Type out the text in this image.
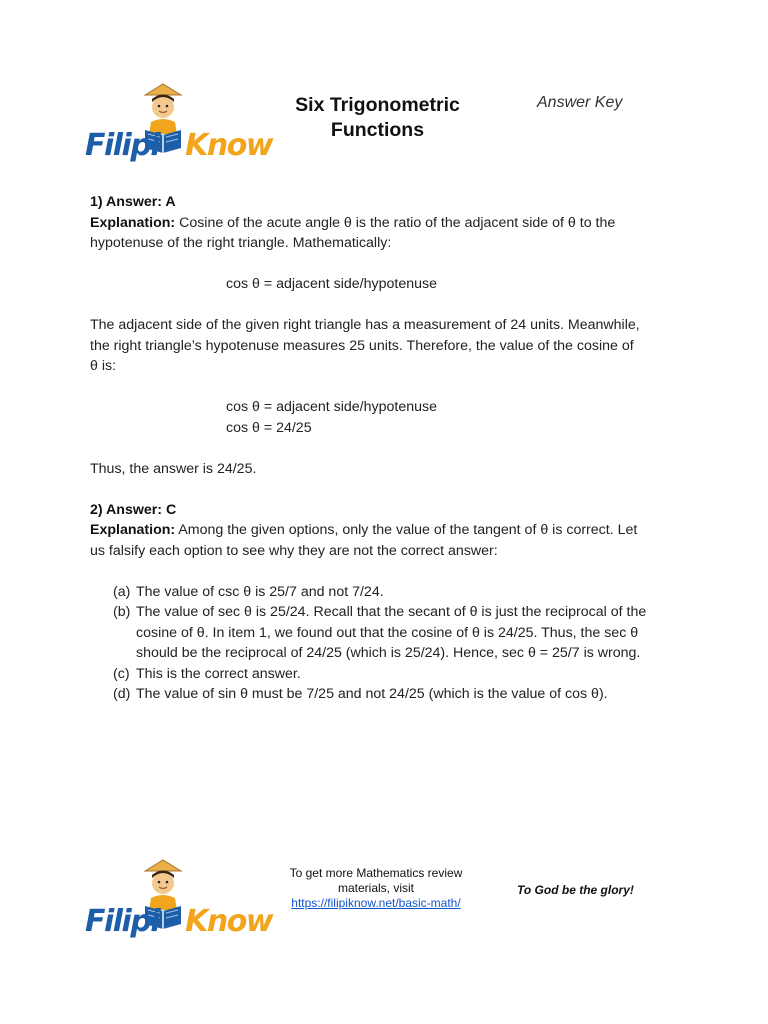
Filipi Know
Six Trigonometric
Functions
Answer Key

1) Answer: A

Explanation: Cosine of the acute angle θ is the ratio of the adjacent side of θ to the

hypotenuse of the right triangle. Mathematically:

cos θ = adjacent side/hypotenuse

The adjacent side of the given right triangle has a measurement of 24 units. Meanwhile,

the right triangle’s hypotenuse measures 25 units. Therefore, the value of the cosine of

θ is:

cos θ = adjacent side/hypotenuse

cos θ = 24/25

Thus, the answer is 24/25.

2) Answer: C

Explanation: Among the given options, only the value of the tangent of θ is correct. Let

us falsify each option to see why they are not the correct answer:

(a) The value of csc θ is 25/7 and not 7/24.

(b) The value of sec θ is 25/24. Recall that the secant of θ is just the reciprocal of the

cosine of θ. In item 1, we found out that the cosine of θ is 24/25. Thus, the sec θ

should be the reciprocal of 24/25 (which is 25/24). Hence, sec θ = 25/7 is wrong.

(c) This is the correct answer.

(d) The value of sin θ must be 7/25 and not 24/25 (which is the value of cos θ).

Filipi Know
To get more Mathematics review
materials, visit
https://filipiknow.net/basic-math/
To God be the glory!
